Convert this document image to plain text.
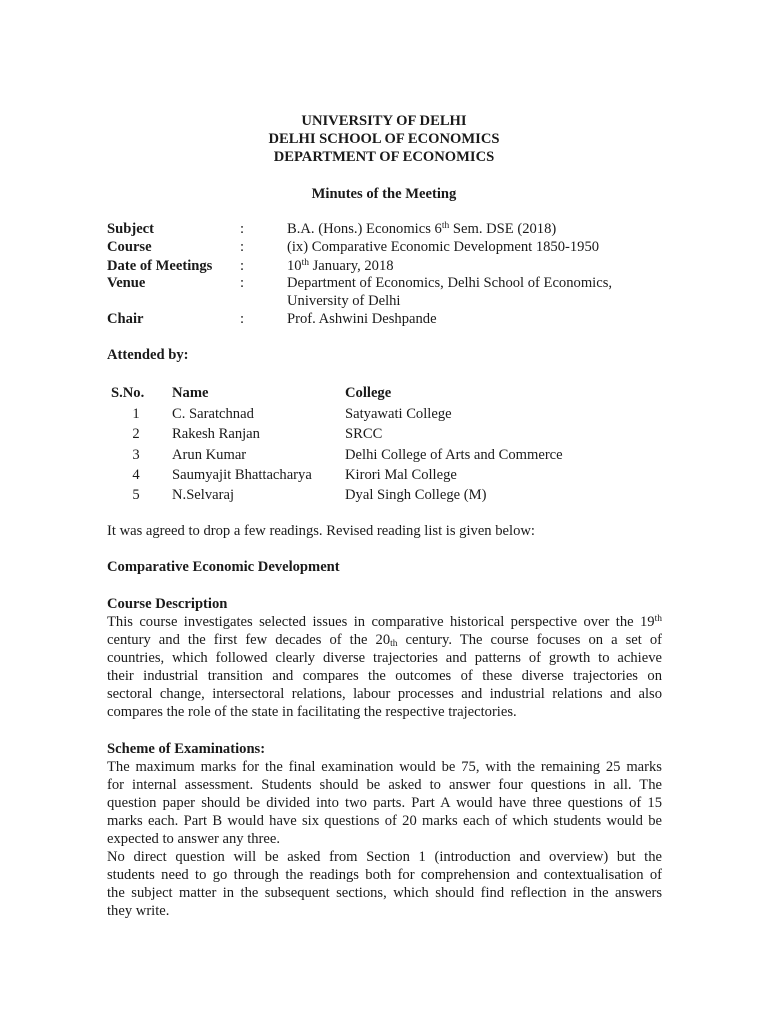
UNIVERSITY OF DELHI
DELHI SCHOOL OF ECONOMICS
DEPARTMENT OF ECONOMICS
Minutes of the Meeting
Subject	:	B.A. (Hons.) Economics 6th Sem. DSE (2018)
Course	:	(ix) Comparative Economic Development 1850-1950
Date of Meetings :	10th January, 2018
Venue	:	Department of Economics, Delhi School of Economics,
University of Delhi
Chair	:	Prof. Ashwini Deshpande
Attended by:
S.No. Name	College
1	C. Saratchnad	Satyawati College
2	Rakesh Ranjan	SRCC
3	Arun Kumar	Delhi College of Arts and Commerce
4	Saumyajit Bhattacharya Kirori Mal College
5	N.Selvaraj	Dyal Singh College (M)
It was agreed to drop a few readings. Revised reading list is given below:
Comparative Economic Development
Course Description
This course investigates selected issues in comparative historical perspective over the 19th
century and the first few decades of the $20_{th}$ century. The course focuses on a set of
countries, which followed clearly diverse trajectories and patterns of growth to achieve
their industrial transition and compares the outcomes of these diverse trajectories on
sectoral change, intersectoral relations, labour processes and industrial relations and also
compares the role of the state in facilitating the respective trajectories.
Scheme of Examinations:
The maximum marks for the final examination would be 75, with the remaining 25 marks
for internal assessment. Students should be asked to answer four questions in all. The
question paper should be divided into two parts. Part A would have three questions of 15
marks each. Part B would have six questions of 20 marks each of which students would be
expected to answer any three.
No direct question will be asked from Section 1 (introduction and overview) but the
students need to go through the readings both for comprehension and contextualisation of
the subject matter in the subsequent sections, which should find reflection in the answers
they write.
